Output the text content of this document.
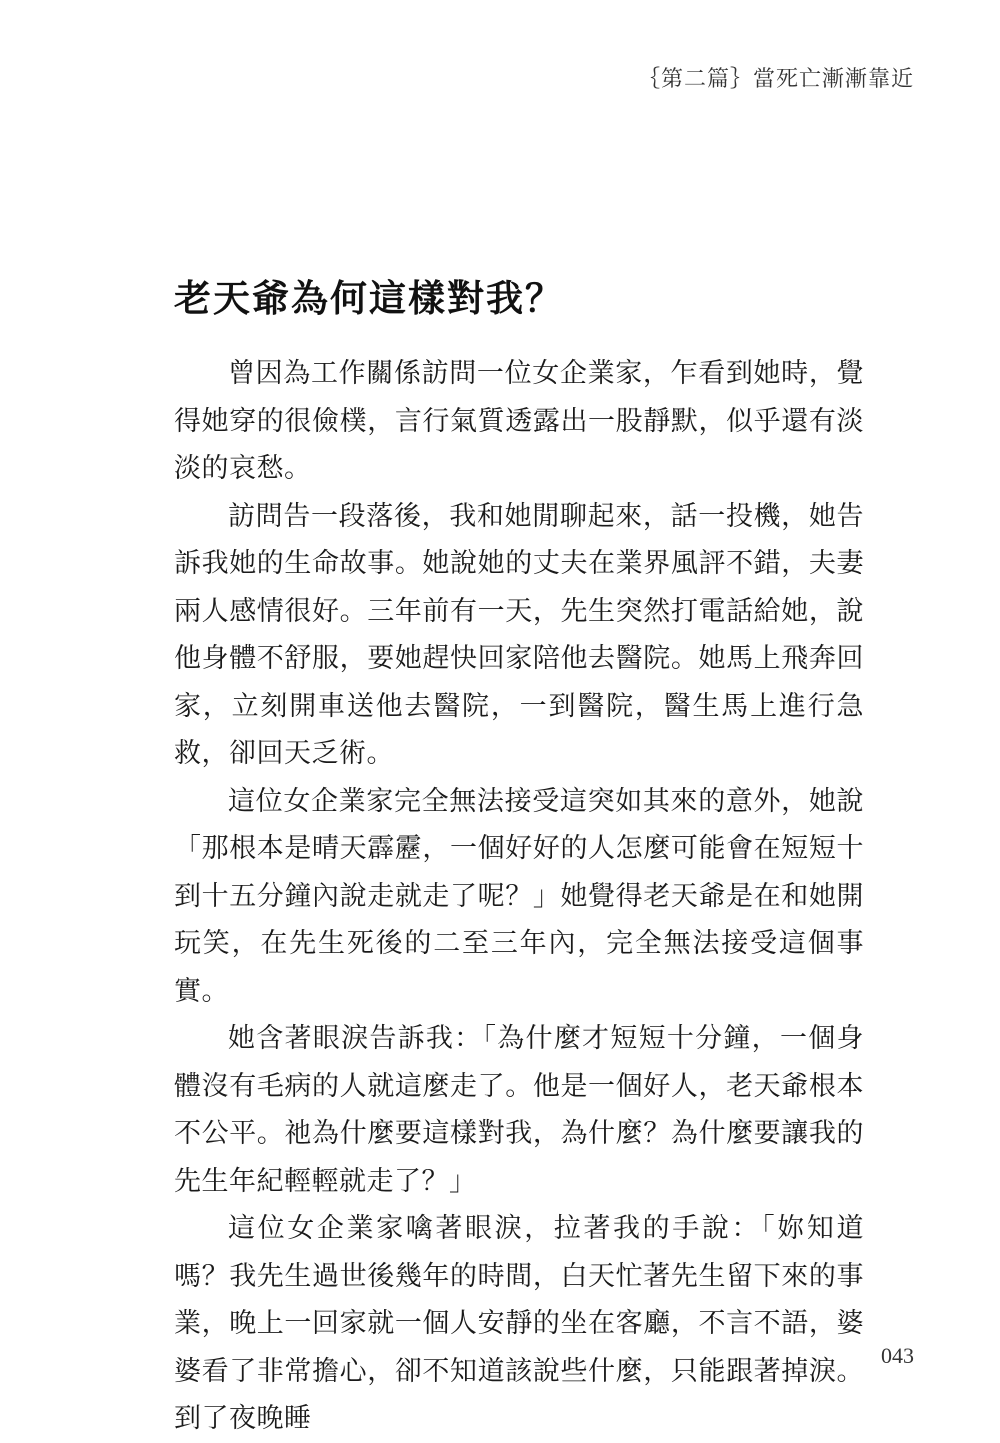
｛第二篇｝當死亡漸漸靠近
老天爺為何這樣對我？

曾因為工作關係訪問一位女企業家，乍看到她時，覺得她穿的很儉樸，言行氣質透露出一股靜默，似乎還有淡淡的哀愁。

訪問告一段落後，我和她閒聊起來，話一投機，她告訴我她的生命故事。她說她的丈夫在業界風評不錯，夫妻兩人感情很好。三年前有一天，先生突然打電話給她，說他身體不舒服，要她趕快回家陪他去醫院。她馬上飛奔回家，立刻開車送他去醫院，一到醫院，醫生馬上進行急救，卻回天乏術。

這位女企業家完全無法接受這突如其來的意外，她說「那根本是晴天霹靂，一個好好的人怎麼可能會在短短十到十五分鐘內說走就走了呢？」她覺得老天爺是在和她開玩笑，在先生死後的二至三年內，完全無法接受這個事實。

她含著眼淚告訴我：「為什麼才短短十分鐘，一個身體沒有毛病的人就這麼走了。他是一個好人，老天爺根本不公平。祂為什麼要這樣對我，為什麼？為什麼要讓我的先生年紀輕輕就走了？」

這位女企業家噙著眼淚，拉著我的手說：「妳知道嗎？我先生過世後幾年的時間，白天忙著先生留下來的事業，晚上一回家就一個人安靜的坐在客廳，不言不語，婆婆看了非常擔心，卻不知道該說些什麼，只能跟著掉淚。到了夜晚睡

043
